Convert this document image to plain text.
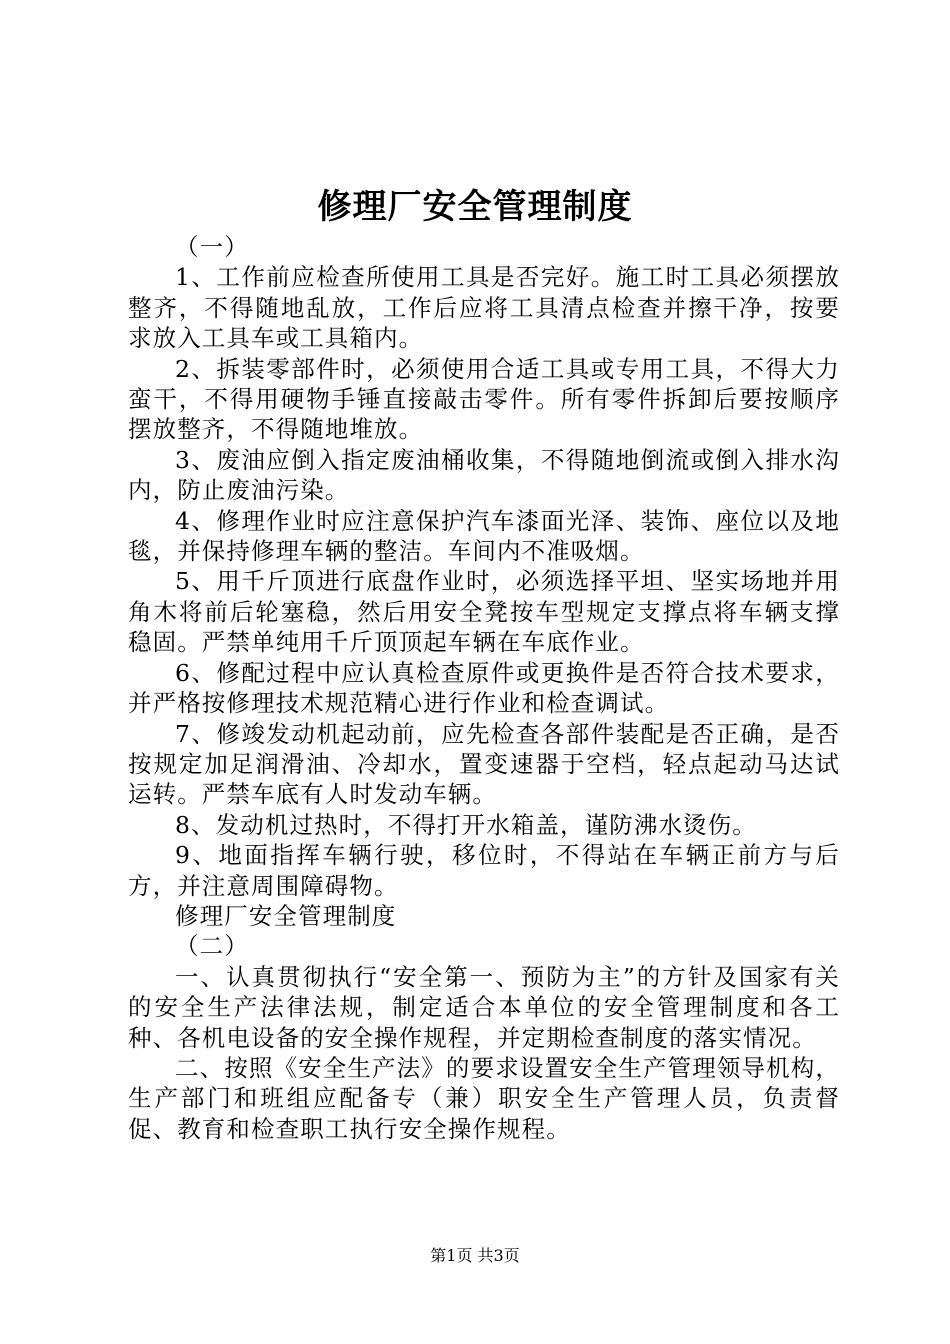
修理厂安全管理制度

（一）

1、工作前应检查所使用工具是否完好。施工时工具必须摆放整齐，不得随地乱放，工作后应将工具清点检查并擦干净，按要求放入工具车或工具箱内。

2、拆装零部件时，必须使用合适工具或专用工具，不得大力蛮干，不得用硬物手锤直接敲击零件。所有零件拆卸后要按顺序摆放整齐，不得随地堆放。

3、废油应倒入指定废油桶收集，不得随地倒流或倒入排水沟内，防止废油污染。

4、修理作业时应注意保护汽车漆面光泽、装饰、座位以及地毯，并保持修理车辆的整洁。车间内不准吸烟。

5、用千斤顶进行底盘作业时，必须选择平坦、坚实场地并用角木将前后轮塞稳，然后用安全凳按车型规定支撑点将车辆支撑稳固。严禁单纯用千斤顶顶起车辆在车底作业。

6、修配过程中应认真检查原件或更换件是否符合技术要求，并严格按修理技术规范精心进行作业和检查调试。

7、修竣发动机起动前，应先检查各部件装配是否正确，是否按规定加足润滑油、冷却水，置变速器于空档，轻点起动马达试运转。严禁车底有人时发动车辆。

8、发动机过热时，不得打开水箱盖，谨防沸水烫伤。

9、地面指挥车辆行驶，移位时，不得站在车辆正前方与后方，并注意周围障碍物。

修理厂安全管理制度

（二）

一、认真贯彻执行“安全第一、预防为主”的方针及国家有关的安全生产法律法规，制定适合本单位的安全管理制度和各工种、各机电设备的安全操作规程，并定期检查制度的落实情况。

二、按照《安全生产法》的要求设置安全生产管理领导机构，生产部门和班组应配备专（兼）职安全生产管理人员，负责督促、教育和检查职工执行安全操作规程。

第1页 共3页
